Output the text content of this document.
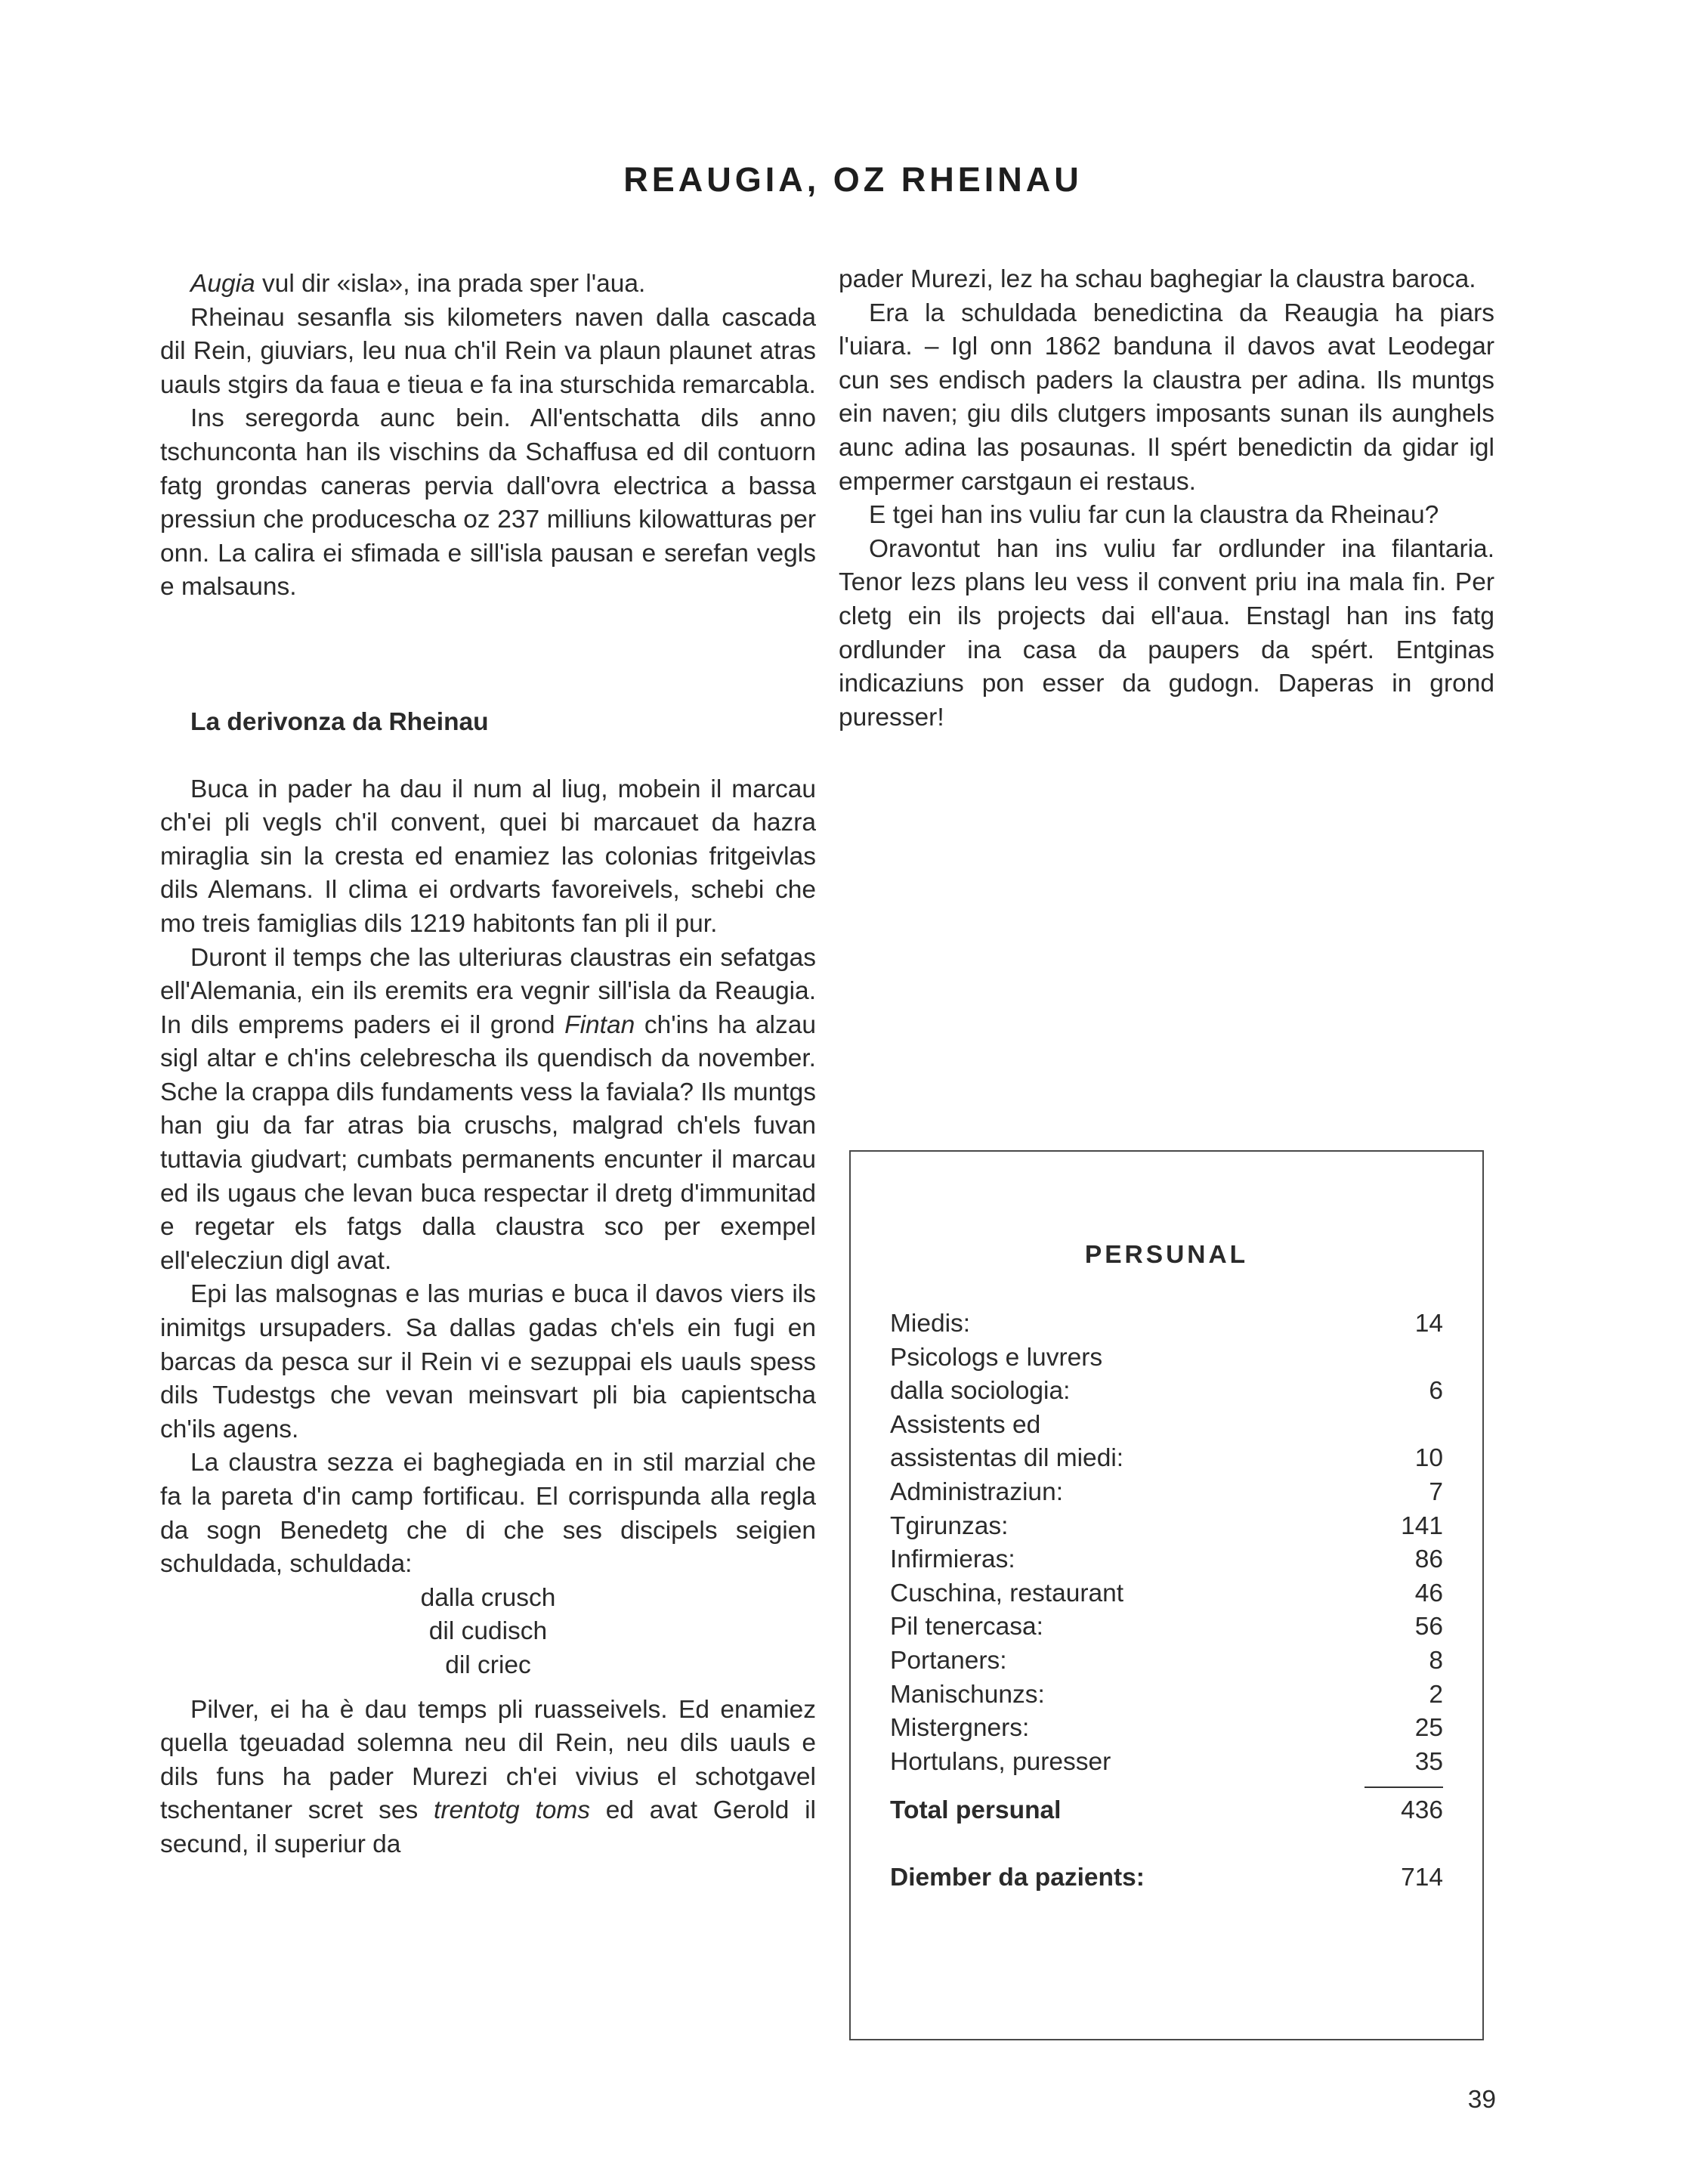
REAUGIA, OZ RHEINAU

Augia vul dir «isla», ina prada sper l'aua.

Rheinau sesanfla sis kilometers naven dalla cascada dil Rein, giuviars, leu nua ch'il Rein va plaun plaunet atras uauls stgirs da faua e tieua e fa ina sturschida remarcabla.

Ins seregorda aunc bein. All'entschatta dils anno tschunconta han ils vischins da Schaffusa ed dil contuorn fatg grondas caneras pervia dall'ovra electrica a bassa pressiun che producescha oz 237 milliuns kilowatturas per onn. La calira ei sfimada e sill'isla pausan e serefan vegls e malsauns.

La derivonza da Rheinau

Buca in pader ha dau il num al liug, mobein il marcau ch'ei pli vegls ch'il convent, quei bi marcauet da hazra miraglia sin la cresta ed enamiez las colonias fritgeivlas dils Alemans. Il clima ei ordvarts favoreivels, schebi che mo treis famiglias dils 1219 habitonts fan pli il pur.

Duront il temps che las ulteriuras claustras ein sefatgas ell'Alemania, ein ils eremits era vegnir sill'isla da Reaugia. In dils emprems paders ei il grond Fintan ch'ins ha alzau sigl altar e ch'ins celebrescha ils quendisch da november. Sche la crappa dils fundaments vess la faviala? Ils muntgs han giu da far atras bia cruschs, malgrad ch'els fuvan tuttavia giudvart; cumbats permanents encunter il marcau ed ils ugaus che levan buca respectar il dretg d'immunitad e regetar els fatgs dalla claustra sco per exempel ell'elecziun digl avat.

Epi las malsognas e las murias e buca il davos viers ils inimitgs ursupaders. Sa dallas gadas ch'els ein fugi en barcas da pesca sur il Rein vi e sezuppai els uauls spess dils Tudestgs che vevan meinsvart pli bia capientscha ch'ils agens.

La claustra sezza ei baghegiada en in stil marzial che fa la pareta d'in camp fortificau. El corrispunda alla regla da sogn Benedetg che di che ses discipels seigien schuldada, schuldada:

dalla crusch
dil cudisch
dil criec

Pilver, ei ha è dau temps pli ruasseivels. Ed enamiez quella tgeuadad solemna neu dil Rein, neu dils uauls e dils funs ha pader Murezi ch'ei vivius el schotgavel tschentaner scret ses trentotg toms ed avat Gerold il secund, il superiur da

pader Murezi, lez ha schau baghegiar la claustra baroca.

Era la schuldada benedictina da Reaugia ha piars l'uiara. – Igl onn 1862 banduna il davos avat Leodegar cun ses endisch paders la claustra per adina. Ils muntgs ein naven; giu dils clutgers imposants sunan ils aunghels aunc adina las posaunas. Il spért benedictin da gidar igl empermer carstgaun ei restaus.

E tgei han ins vuliu far cun la claustra da Rheinau?

Oravontut han ins vuliu far ordlunder ina filantaria. Tenor lezs plans leu vess il convent priu ina mala fin. Per cletg ein ils projects dai ell'aua. Enstagl han ins fatg ordlunder ina casa da paupers da spért. Entginas indicaziuns pon esser da gudogn. Daperas in grond puresser!

PERSUNAL
Miedis:	14
Psicologs e luvrers
dalla sociologia:	6
Assistents ed
assistentas dil miedi:	10
Administraziun:	7
Tgirunzas:	141
Infirmieras:	86
Cuschina, restaurant	46
Pil tenercasa:	56
Portaners:	8
Manischunzs:	2
Mistergners:	25
Hortulans, puresser	35
Total persunal	436
Diember da pazients:	714
39
